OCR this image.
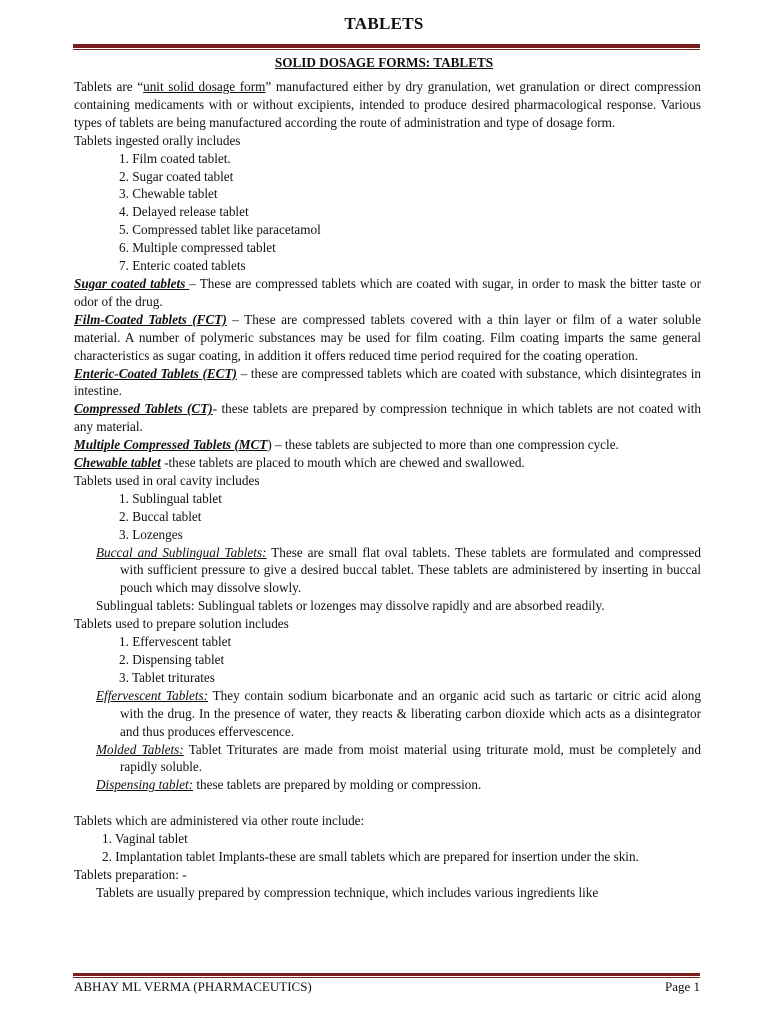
TABLETS
SOLID DOSAGE FORMS: TABLETS

Tablets are “unit solid dosage form” manufactured either by dry granulation, wet granulation or direct compression containing medicaments with or without excipients, intended to produce desired pharmacological response. Various types of tablets are being manufactured according the route of administration and type of dosage form.

Tablets ingested orally includes

1. Film coated tablet.
2. Sugar coated tablet
3. Chewable tablet
4. Delayed release tablet
5. Compressed tablet like paracetamol
6. Multiple compressed tablet
7. Enteric coated tablets

Sugar coated tablets – These are compressed tablets which are coated with sugar, in order to mask the bitter taste or odor of the drug.

Film-Coated Tablets (FCT) – These are compressed tablets covered with a thin layer or film of a water soluble material. A number of polymeric substances may be used for film coating. Film coating imparts the same general characteristics as sugar coating, in addition it offers reduced time period required for the coating operation.

Enteric-Coated Tablets (ECT) – these are compressed tablets which are coated with substance, which disintegrates in intestine.

Compressed Tablets (CT)- these tablets are prepared by compression technique in which tablets are not coated with any material.

Multiple Compressed Tablets (MCT) – these tablets are subjected to more than one compression cycle.

Chewable tablet -these tablets are placed to mouth which are chewed and swallowed.

Tablets used in oral cavity includes

1. Sublingual tablet
2. Buccal tablet
3. Lozenges

Buccal and Sublingual Tablets: These are small flat oval tablets. These tablets are formulated and compressed with sufficient pressure to give a desired buccal tablet. These tablets are administered by inserting in buccal pouch which may dissolve slowly.

Sublingual tablets: Sublingual tablets or lozenges may dissolve rapidly and are absorbed readily.

Tablets used to prepare solution includes

1. Effervescent tablet
2. Dispensing tablet
3. Tablet triturates

Effervescent Tablets: They contain sodium bicarbonate and an organic acid such as tartaric or citric acid along with the drug. In the presence of water, they reacts & liberating carbon dioxide which acts as a disintegrator and thus produces effervescence.

Molded Tablets: Tablet Triturates are made from moist material using triturate mold, must be completely and rapidly soluble.

Dispensing tablet: these tablets are prepared by molding or compression.

Tablets which are administered via other route include:

1. Vaginal tablet

2. Implantation tablet Implants-these are small tablets which are prepared for insertion under the skin.

Tablets preparation: -

Tablets are usually prepared by compression technique, which includes various ingredients like

ABHAY ML VERMA (PHARMACEUTICS)	Page 1
